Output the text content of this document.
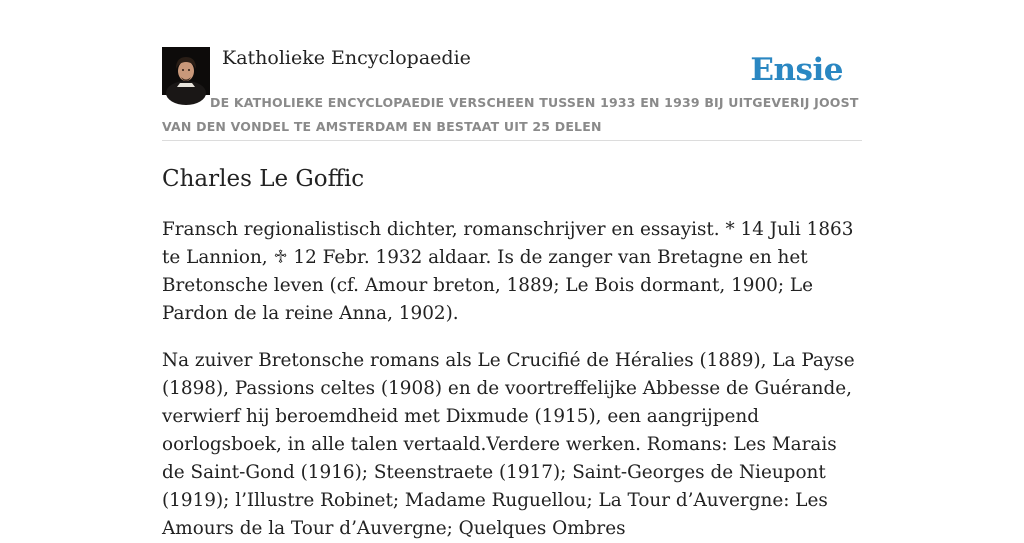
Katholieke Encyclopaedie	Ensie
DE KATHOLIEKE ENCYCLOPAEDIE VERSCHEEN TUSSEN 1933 EN 1939 BIJ UITGEVERIJ JOOST VAN DEN VONDEL TE AMSTERDAM EN BESTAAT UIT 25 DELEN
Charles Le Goffic

Fransch regionalistisch dichter, romanschrijver en essayist. * 14 Juli 1863 te Lannion, ♱ 12 Febr. 1932 aldaar. Is de zanger van Bretagne en het Bretonsche leven (cf. Amour breton, 1889; Le Bois dormant, 1900; Le Pardon de la reine Anna, 1902).

Na zuiver Bretonsche romans als Le Crucifié de Héralies (1889), La Payse (1898), Passions celtes (1908) en de voortreffelijke Abbesse de Guérande, verwierf hij beroemdheid met Dixmude (1915), een aangrijpend oorlogsboek, in alle talen vertaald.Verdere werken. Romans: Les Marais de Saint-Gond (1916); Steenstraete (1917); Saint-Georges de Nieupont (1919); l’Illustre Robinet; Madame Ruguellou; La Tour d’Auvergne: Les Amours de la Tour d’Auvergne; Quelques Ombres
